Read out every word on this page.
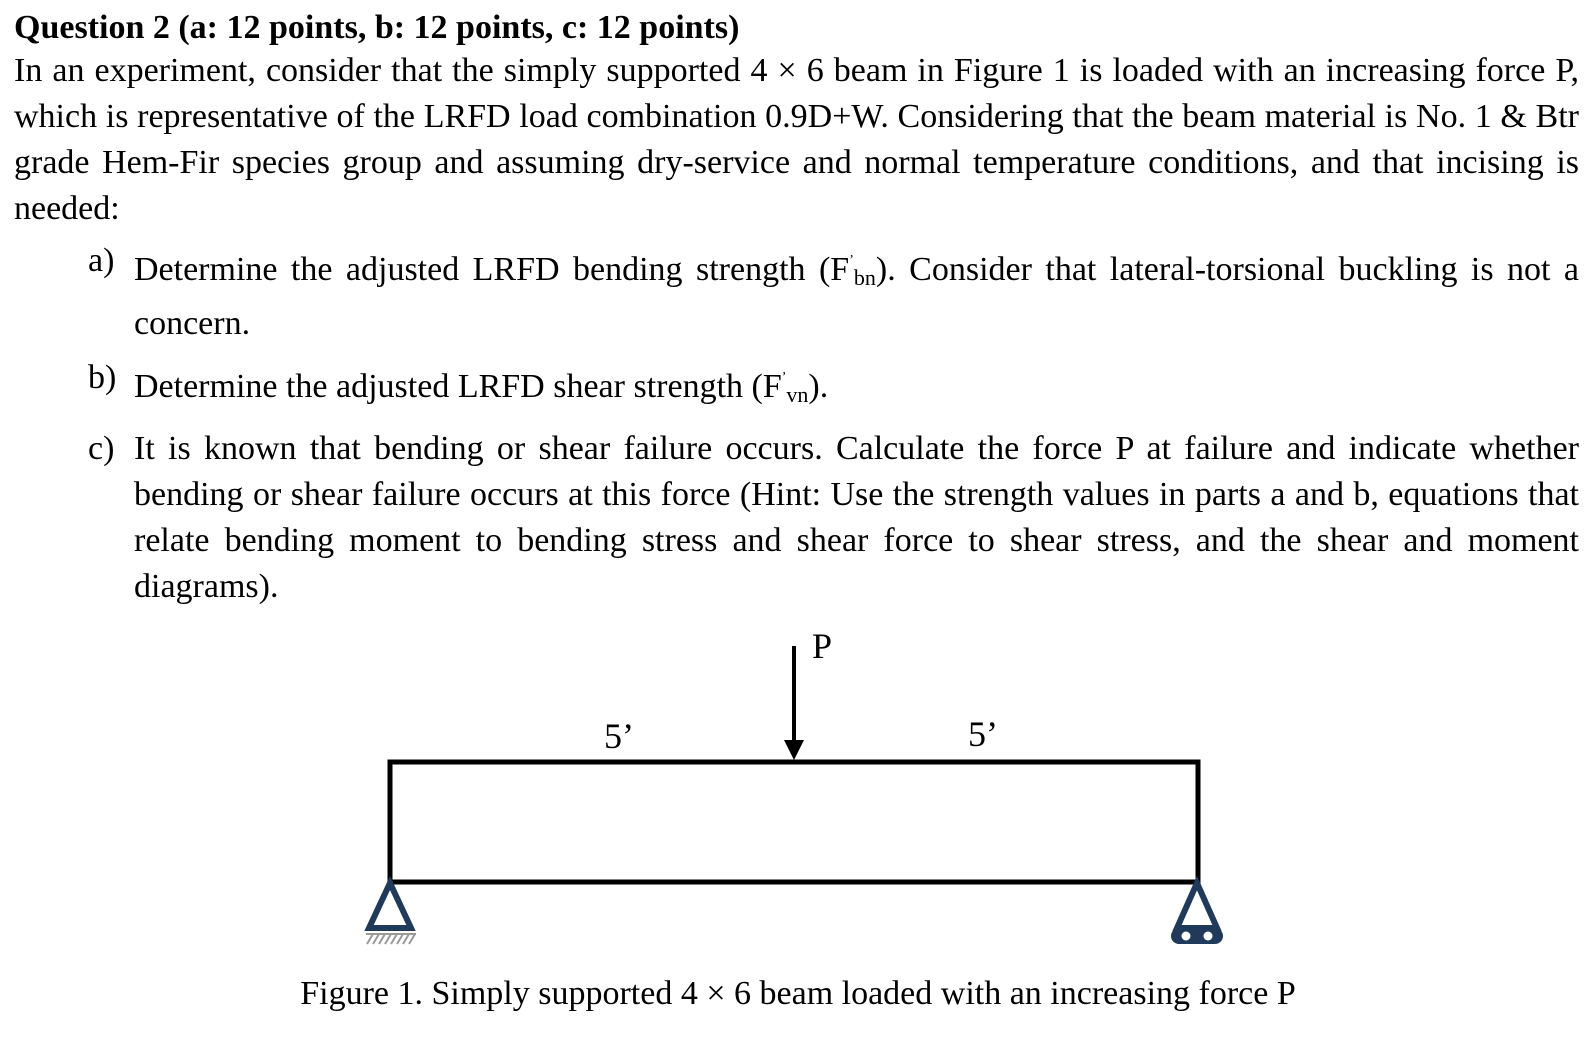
Question 2 (a: 12 points, b: 12 points, c: 12 points)

In an experiment, consider that the simply supported 4 × 6 beam in Figure 1 is loaded with an increasing force P, which is representative of the LRFD load combination 0.9D+W. Considering that the beam material is No. 1 & Btr grade Hem-Fir species group and assuming dry-service and normal temperature conditions, and that incising is needed:

a) Determine the adjusted LRFD bending strength $(F^’_{bn})$. Consider that lateral-torsional buckling is not a concern.
b) Determine the adjusted LRFD shear strength $(F^’_{vn})$.
c) It is known that bending or shear failure occurs. Calculate the force P at failure and indicate whether bending or shear failure occurs at this force (Hint: Use the strength values in parts a and b, equations that relate bending moment to bending stress and shear force to shear stress, and the shear and moment diagrams).
P
5’	5’
Figure 1. Simply supported 4 × 6 beam loaded with an increasing force P
